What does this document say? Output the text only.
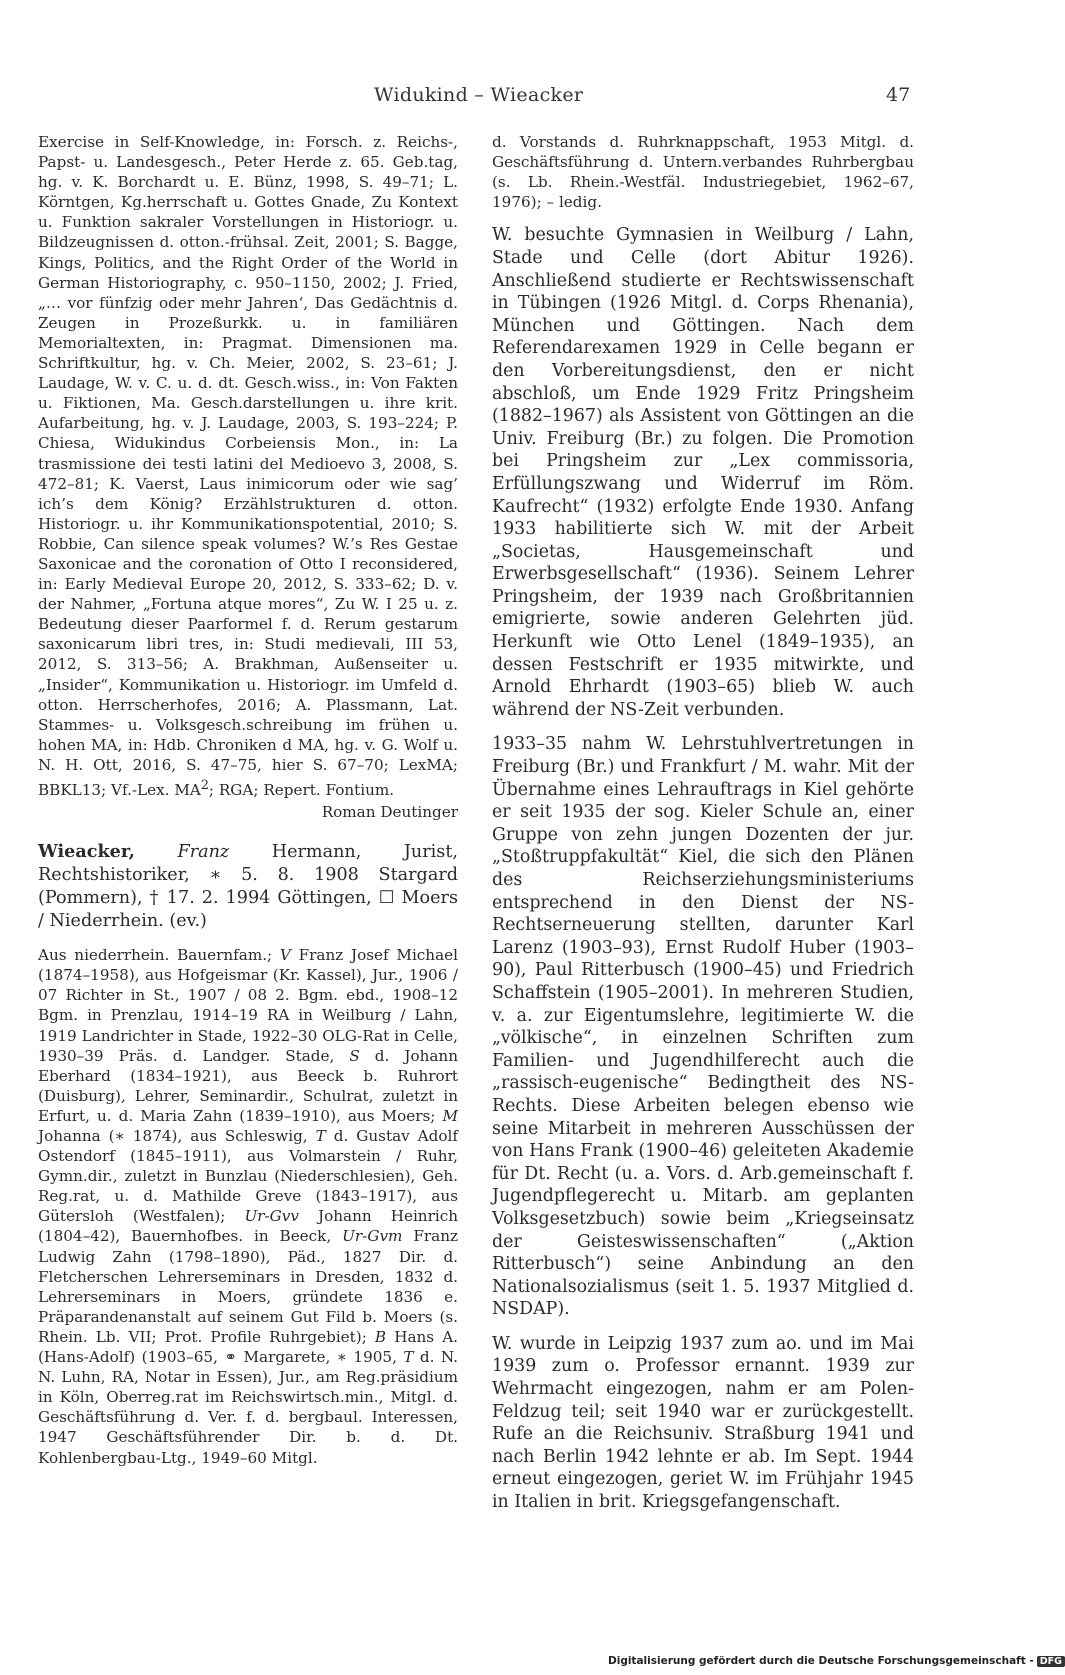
Widukind – Wieacker	47

Exercise in Self-Knowledge, in: Forsch. z. Reichs-, Papst- u. Landesgesch., Peter Herde z. 65. Geb.tag, hg. v. K. Borchardt u. E. Bünz, 1998, S. 49–71; L. Körntgen, Kg.herrschaft u. Gottes Gnade, Zu Kontext u. Funktion sakraler Vorstellungen in Historiogr. u. Bildzeugnissen d. otton.-frühsal. Zeit, 2001; S. Bagge, Kings, Politics, and the Right Order of the World in German Historiography, c. 950–1150, 2002; J. Fried, „… vor fünfzig oder mehr Jahren‘, Das Gedächtnis d. Zeugen in Prozeßurkk. u. in familiären Memorialtexten, in: Pragmat. Dimensionen ma. Schriftkultur, hg. v. Ch. Meier, 2002, S. 23–61; J. Laudage, W. v. C. u. d. dt. Gesch.wiss., in: Von Fakten u. Fiktionen, Ma. Gesch.darstellungen u. ihre krit. Aufarbeitung, hg. v. J. Laudage, 2003, S. 193–224; P. Chiesa, Widukindus Corbeiensis Mon., in: La trasmissione dei testi latini del Medioevo 3, 2008, S. 472–81; K. Vaerst, Laus inimicorum oder wie sag’ ich’s dem König? Erzählstrukturen d. otton. Historiogr. u. ihr Kommunikationspotential, 2010; S. Robbie, Can silence speak volumes? W.’s Res Gestae Saxonicae and the coronation of Otto I reconsidered, in: Early Medieval Europe 20, 2012, S. 333–62; D. v. der Nahmer, „Fortuna atque mores“, Zu W. I 25 u. z. Bedeutung dieser Paarformel f. d. Rerum gestarum saxonicarum libri tres, in: Studi medievali, III 53, 2012, S. 313–56; A. Brakhman, Außenseiter u. „Insider“, Kommunikation u. Historiogr. im Umfeld d. otton. Herrscherhofes, 2016; A. Plassmann, Lat. Stammes- u. Volksgesch.schreibung im frühen u. hohen MA, in: Hdb. Chroniken d MA, hg. v. G. Wolf u. N. H. Ott, 2016, S. 47–75, hier S. 67–70; LexMA; BBKL13; Vf.-Lex. $MA^2$; RGA; Repert. Fontium.

Roman Deutinger

Wieacker, Franz Hermann, Jurist, Rechtshistoriker, ∗ 5. 8. 1908 Stargard (Pommern), † 17. 2. 1994 Göttingen, ☐ Moers / Niederrhein. (ev.)

Aus niederrhein. Bauernfam.; V Franz Josef Michael (1874–1958), aus Hofgeismar (Kr. Kassel), Jur., 1906 / 07 Richter in St., 1907 / 08 2. Bgm. ebd., 1908–12 Bgm. in Prenzlau, 1914–19 RA in Weilburg / Lahn, 1919 Landrichter in Stade, 1922–30 OLG-Rat in Celle, 1930–39 Präs. d. Landger. Stade, S d. Johann Eberhard (1834–1921), aus Beeck b. Ruhrort (Duisburg), Lehrer, Seminardir., Schulrat, zuletzt in Erfurt, u. d. Maria Zahn (1839–1910), aus Moers; M Johanna (∗ 1874), aus Schleswig, T d. Gustav Adolf Ostendorf (1845–1911), aus Volmarstein / Ruhr, Gymn.dir., zuletzt in Bunzlau (Niederschlesien), Geh. Reg.rat, u. d. Mathilde Greve (1843–1917), aus Gütersloh (Westfalen); Ur-Gvv Johann Heinrich (1804–42), Bauernhofbes. in Beeck, Ur-Gvm Franz Ludwig Zahn (1798–1890), Päd., 1827 Dir. d. Fletcherschen Lehrerseminars in Dresden, 1832 d. Lehrerseminars in Moers, gründete 1836 e. Präparandenanstalt auf seinem Gut Fild b. Moers (s. Rhein. Lb. VII; Prot. Profile Ruhrgebiet); B Hans A. (Hans-Adolf) (1903–65, ⚭ Margarete, ∗ 1905, T d. N. N. Luhn, RA, Notar in Essen), Jur., am Reg.präsidium in Köln, Oberreg.rat im Reichswirtsch.min., Mitgl. d. Geschäftsführung d. Ver. f. d. bergbaul. Interessen, 1947 Geschäftsführender Dir. b. d. Dt. Kohlenbergbau-Ltg., 1949–60 Mitgl.

d. Vorstands d. Ruhrknappschaft, 1953 Mitgl. d. Geschäftsführung d. Untern.verbandes Ruhrbergbau (s. Lb. Rhein.-Westfäl. Industriegebiet, 1962–67, 1976); – ledig.

W. besuchte Gymnasien in Weilburg / Lahn, Stade und Celle (dort Abitur 1926). Anschließend studierte er Rechtswissenschaft in Tübingen (1926 Mitgl. d. Corps Rhenania), München und Göttingen. Nach dem Referendarexamen 1929 in Celle begann er den Vorbereitungsdienst, den er nicht abschloß, um Ende 1929 Fritz Pringsheim (1882–1967) als Assistent von Göttingen an die Univ. Freiburg (Br.) zu folgen. Die Promotion bei Pringsheim zur „Lex commissoria, Erfüllungszwang und Widerruf im Röm. Kaufrecht“ (1932) erfolgte Ende 1930. Anfang 1933 habilitierte sich W. mit der Arbeit „Societas, Hausgemeinschaft und Erwerbsgesellschaft“ (1936). Seinem Lehrer Pringsheim, der 1939 nach Großbritannien emigrierte, sowie anderen Gelehrten jüd. Herkunft wie Otto Lenel (1849–1935), an dessen Festschrift er 1935 mitwirkte, und Arnold Ehrhardt (1903–65) blieb W. auch während der NS-Zeit verbunden.

1933–35 nahm W. Lehrstuhlvertretungen in Freiburg (Br.) und Frankfurt / M. wahr. Mit der Übernahme eines Lehrauftrags in Kiel gehörte er seit 1935 der sog. Kieler Schule an, einer Gruppe von zehn jungen Dozenten der jur. „Stoßtruppfakultät“ Kiel, die sich den Plänen des Reichserziehungsministeriums entsprechend in den Dienst der NS-Rechtserneuerung stellten, darunter Karl Larenz (1903–93), Ernst Rudolf Huber (1903–90), Paul Ritterbusch (1900–45) und Friedrich Schaffstein (1905–2001). In mehreren Studien, v. a. zur Eigentumslehre, legitimierte W. die „völkische“, in einzelnen Schriften zum Familien- und Jugendhilferecht auch die „rassisch-eugenische“ Bedingtheit des NS-Rechts. Diese Arbeiten belegen ebenso wie seine Mitarbeit in mehreren Ausschüssen der von Hans Frank (1900–46) geleiteten Akademie für Dt. Recht (u. a. Vors. d. Arb.gemeinschaft f. Jugendpflegerecht u. Mitarb. am geplanten Volksgesetzbuch) sowie beim „Kriegseinsatz der Geisteswissenschaften“ („Aktion Ritterbusch“) seine Anbindung an den Nationalsozialismus (seit 1. 5. 1937 Mitglied d. NSDAP).

W. wurde in Leipzig 1937 zum ao. und im Mai 1939 zum o. Professor ernannt. 1939 zur Wehrmacht eingezogen, nahm er am Polen-Feldzug teil; seit 1940 war er zurückgestellt. Rufe an die Reichsuniv. Straßburg 1941 und nach Berlin 1942 lehnte er ab. Im Sept. 1944 erneut eingezogen, geriet W. im Frühjahr 1945 in Italien in brit. Kriegsgefangenschaft.

Digitalisierung gefördert durch die Deutsche Forschungsgemeinschaft - DFG
